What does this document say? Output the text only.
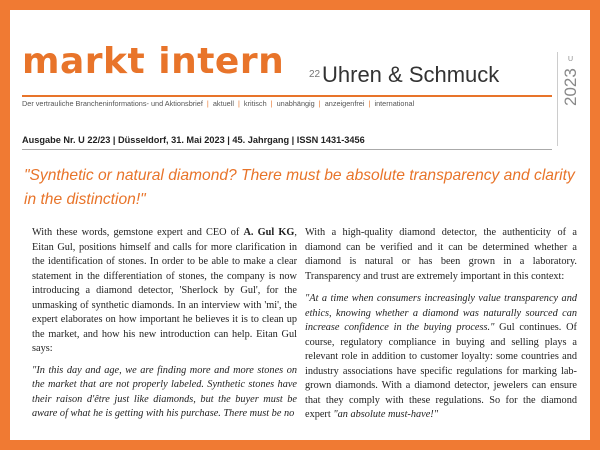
markt intern 22 Uhren & Schmuck
U
2023
Der vertrauliche Brancheninformations- und Aktionsbrief | aktuell | kritisch | unabhängig | anzeigenfrei | international
Ausgabe Nr. U 22/23 | Düsseldorf, 31. Mai 2023 | 45. Jahrgang | ISSN 1431-3456
"Synthetic or natural diamond? There must be absolute transparency and clarity in the distinction!"

With these words, gemstone expert and CEO of A. Gul KG, Eitan Gul, positions himself and calls for more clarification in the identification of stones. In order to be able to make a clear statement in the differentiation of stones, the company is now introducing a diamond detector, 'Sherlock by Gul', for the unmasking of synthetic diamonds. In an interview with 'mi', the expert elaborates on how important he believes it is to clean up the market, and how his new introduction can help. Eitan Gul says:

"In this day and age, we are finding more and more stones on the market that are not properly labeled. Synthetic stones have their raison d'être just like diamonds, but the buyer must be aware of what he is getting with his purchase. There must be no

With a high-quality diamond detector, the authenticity of a diamond can be verified and it can be determined whether a diamond is natural or has been grown in a laboratory. Transparency and trust are extremely important in this context:

"At a time when consumers increasingly value transparency and ethics, knowing whether a diamond was naturally sourced can increase confidence in the buying process." Gul continues. Of course, regulatory compliance in buying and selling plays a relevant role in addition to customer loyalty: some countries and industry associations have specific regulations for marking lab-grown diamonds. With a diamond detector, jewelers can ensure that they comply with these regulations. So for the diamond expert "an absolute must-have!"
